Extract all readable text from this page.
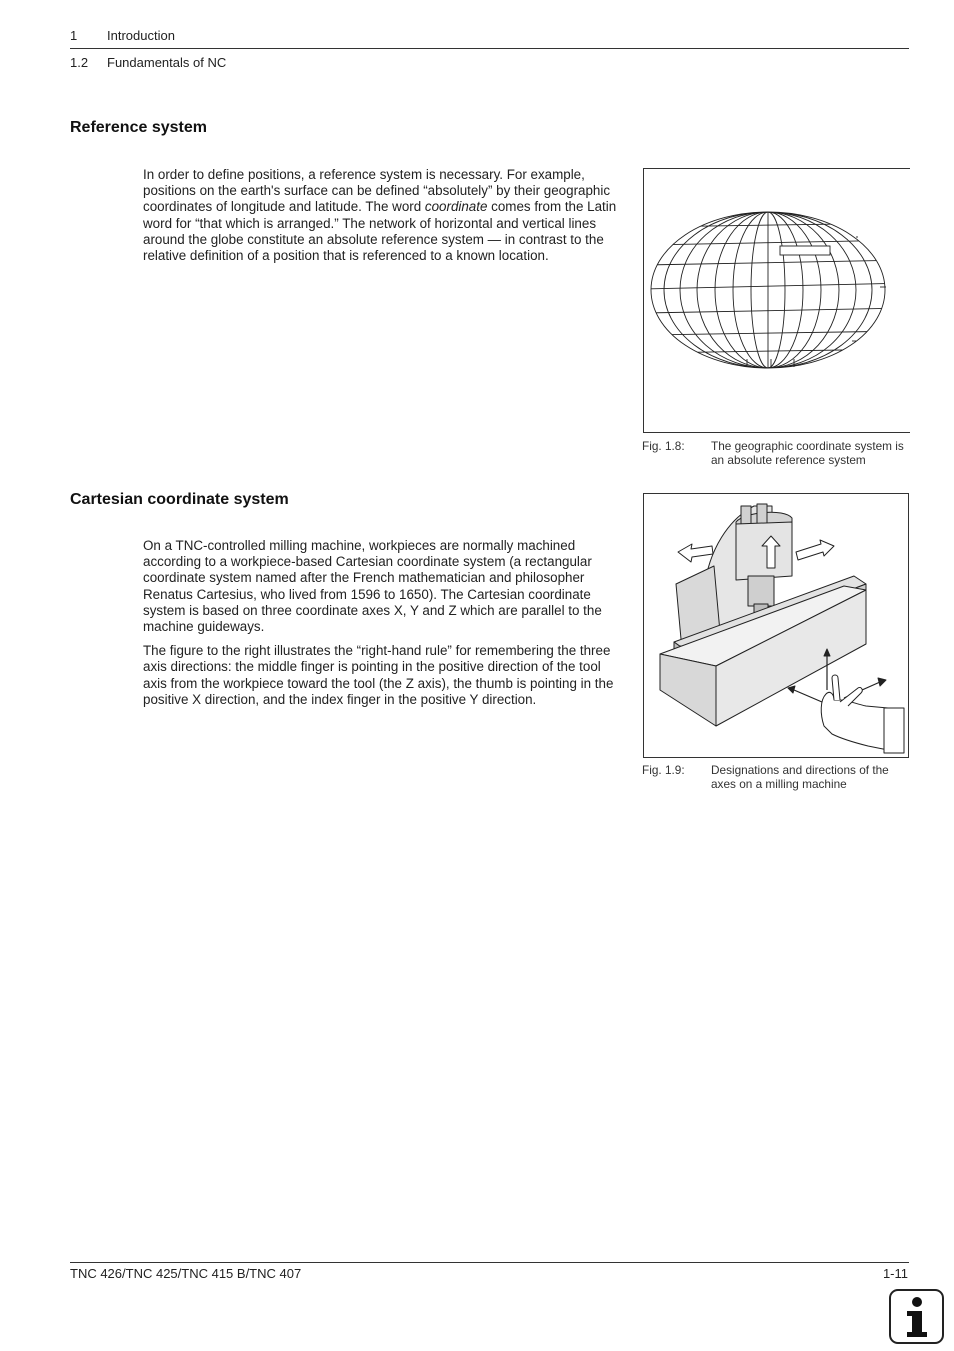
1 Introduction
1.2 Fundamentals of NC
Reference system

In order to define positions, a reference system is necessary. For example, positions on the earth's surface can be defined “absolutely” by their geographic coordinates of longitude and latitude. The word coordinate comes from the Latin word for “that which is arranged.” The network of horizontal and vertical lines around the globe constitute an absolute reference system — in contrast to the relative definition of a position that is referenced to a known location.

Fig. 1.8:	The geographic coordinate system is an absolute reference system
Cartesian coordinate system

On a TNC-controlled milling machine, workpieces are normally machined according to a workpiece-based Cartesian coordinate system (a rectangular coordinate system named after the French mathematician and philosopher Renatus Cartesius, who lived from 1596 to 1650). The Cartesian coordinate system is based on three coordinate axes X, Y and Z which are parallel to the machine guideways.

The figure to the right illustrates the “right-hand rule” for remembering the three axis directions: the middle finger is pointing in the positive direction of the tool axis from the workpiece toward the tool (the Z axis), the thumb is pointing in the positive X direction, and the index finger in the positive Y direction.

Fig. 1.9:	Designations and directions of the axes on a milling machine
TNC 426/TNC 425/TNC 415 B/TNC 407	1-11
